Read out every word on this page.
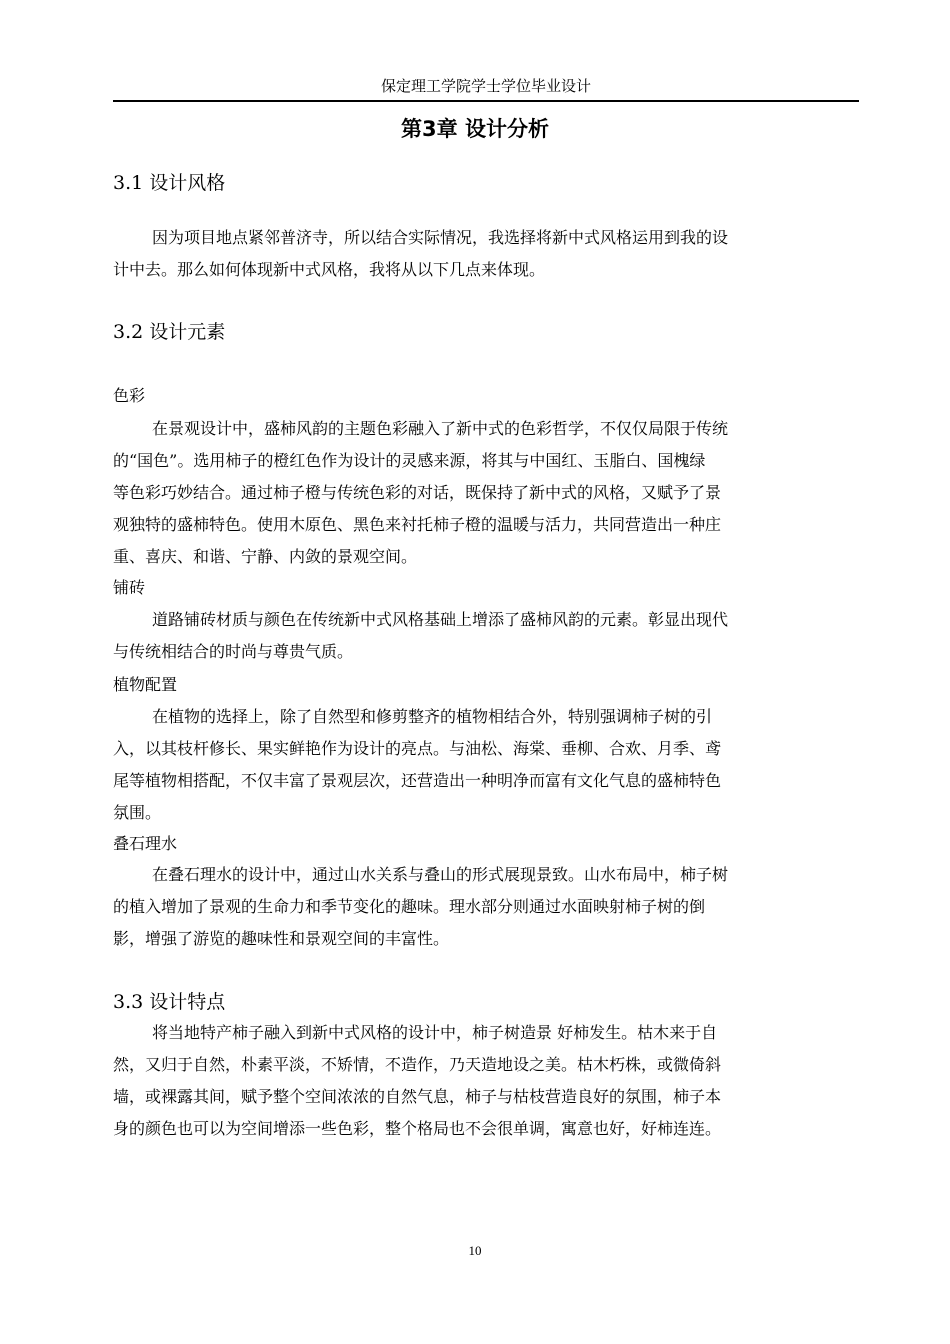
保定理工学院学士学位毕业设计
第3章 设计分析
3.1 设计风格
因为项目地点紧邻普济寺，所以结合实际情况，我选择将新中式风格运用到我的设
计中去。那么如何体现新中式风格，我将从以下几点来体现。
3.2 设计元素
色彩
在景观设计中，盛柿风韵的主题色彩融入了新中式的色彩哲学，不仅仅局限于传统
的“国色”。选用柿子的橙红色作为设计的灵感来源，将其与中国红、玉脂白、国槐绿
等色彩巧妙结合。通过柿子橙与传统色彩的对话，既保持了新中式的风格，又赋予了景
观独特的盛柿特色。使用木原色、黑色来衬托柿子橙的温暖与活力，共同营造出一种庄
重、喜庆、和谐、宁静、内敛的景观空间。
铺砖
道路铺砖材质与颜色在传统新中式风格基础上增添了盛柿风韵的元素。彰显出现代
与传统相结合的时尚与尊贵气质。
植物配置
在植物的选择上，除了自然型和修剪整齐的植物相结合外，特别强调柿子树的引
入，以其枝杆修长、果实鲜艳作为设计的亮点。与油松、海棠、垂柳、合欢、月季、鸢
尾等植物相搭配，不仅丰富了景观层次，还营造出一种明净而富有文化气息的盛柿特色
氛围。
叠石理水
在叠石理水的设计中，通过山水关系与叠山的形式展现景致。山水布局中，柿子树
的植入增加了景观的生命力和季节变化的趣味。理水部分则通过水面映射柿子树的倒
影，增强了游览的趣味性和景观空间的丰富性。
3.3 设计特点
将当地特产柿子融入到新中式风格的设计中，柿子树造景 好柿发生。枯木来于自
然，又归于自然，朴素平淡，不矫情，不造作，乃天造地设之美。枯木朽株，或微倚斜
墙，或裸露其间，赋予整个空间浓浓的自然气息，柿子与枯枝营造良好的氛围，柿子本
身的颜色也可以为空间增添一些色彩，整个格局也不会很单调，寓意也好，好柿连连。
10
